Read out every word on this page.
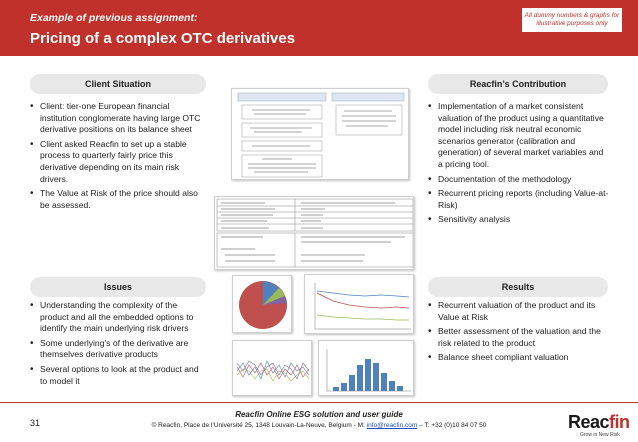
Example of previous assignment:
Pricing of a complex OTC derivatives
All dummy numbers & graphs for illustrative purposes only
Client Situation
• Client: tier-one European financial institution conglomerate having large OTC derivative positions on its balance sheet
• Client asked Reacfin to set up a stable process to quarterly fairly price this derivative depending on its main risk drivers.
• The Value at Risk of the price should also be assessed.
Reacfin’s Contribution
• Implementation of a market consistent valuation of the product using a quantitative model including risk neutral economic scenarios generator (calibration and generation) of several market variables and a pricing tool.
• Documentation of the methodology
• Recurrent pricing reports (including Value-at-Risk)
• Sensitivity analysis
Issues
• Understanding the complexity of the product and all the embedded options to identify the main underlying risk drivers
• Some underlying's of the derivative are themselves derivative products
• Several options to look at the product and to model it
Results
• Recurrent valuation of the product and its Value at Risk
• Better assessment of the valuation and the risk related to the product
• Balance sheet compliant valuation
31
Reacfin Online ESG solution and user guide
© Reacfin, Place de l’Université 25, 1348 Louvain-La-Neuve, Belgium - M: info@reacfin.com – T: +32 (0)10 84 07 50	Reacfin
Grow in New Risk
